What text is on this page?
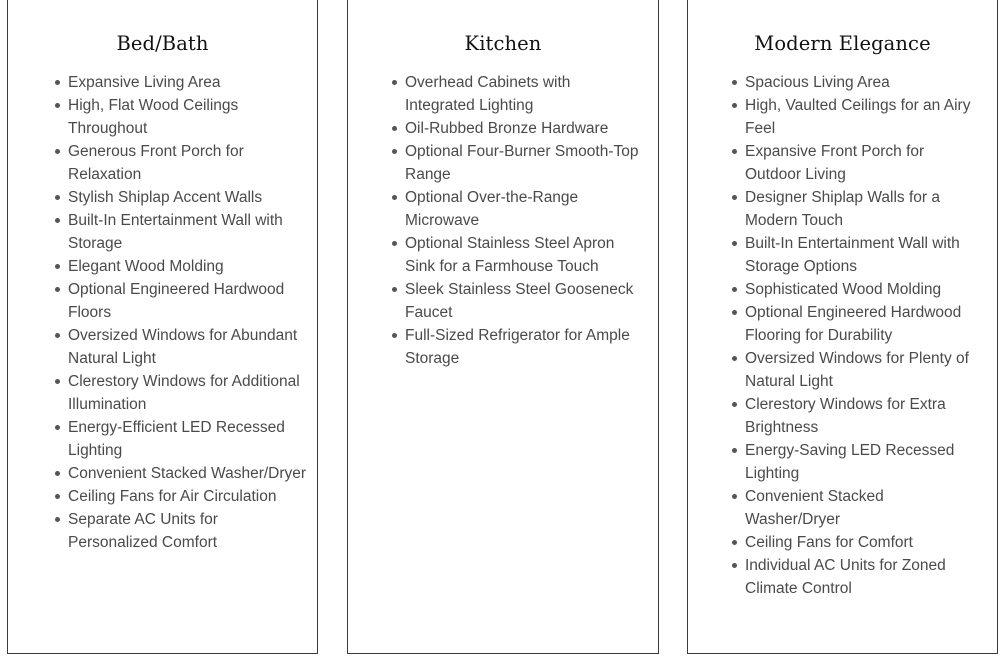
Bed/Bath
Expansive Living Area
High, Flat Wood Ceilings Throughout
Generous Front Porch for Relaxation
Stylish Shiplap Accent Walls
Built-In Entertainment Wall with Storage
Elegant Wood Molding
Optional Engineered Hardwood Floors
Oversized Windows for Abundant Natural Light
Clerestory Windows for Additional Illumination
Energy-Efficient LED Recessed Lighting
Convenient Stacked Washer/Dryer
Ceiling Fans for Air Circulation
Separate AC Units for Personalized Comfort
Kitchen
Overhead Cabinets with Integrated Lighting
Oil-Rubbed Bronze Hardware
Optional Four-Burner Smooth-Top Range
Optional Over-the-Range Microwave
Optional Stainless Steel Apron Sink for a Farmhouse Touch
Sleek Stainless Steel Gooseneck Faucet
Full-Sized Refrigerator for Ample Storage
Modern Elegance
Spacious Living Area
High, Vaulted Ceilings for an Airy Feel
Expansive Front Porch for Outdoor Living
Designer Shiplap Walls for a Modern Touch
Built-In Entertainment Wall with Storage Options
Sophisticated Wood Molding
Optional Engineered Hardwood Flooring for Durability
Oversized Windows for Plenty of Natural Light
Clerestory Windows for Extra Brightness
Energy-Saving LED Recessed Lighting
Convenient Stacked Washer/Dryer
Ceiling Fans for Comfort
Individual AC Units for Zoned Climate Control
